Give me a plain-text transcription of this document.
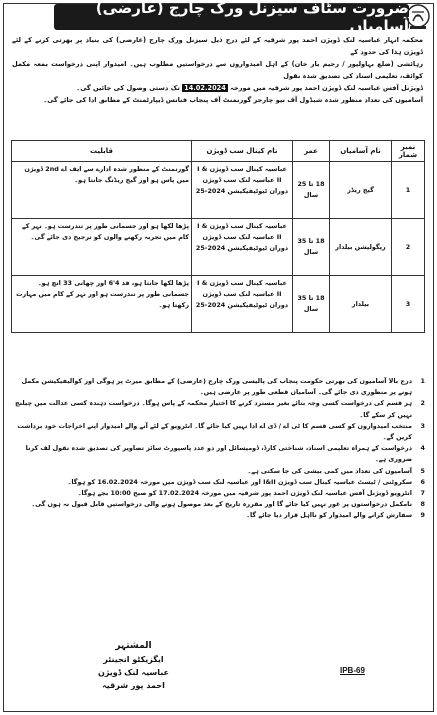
ضرورت سٹاف سیزنل ورک چارج (عارضی) آسامیاں

محکمہ انہار عباسیہ لنک ڈویژن احمد پور شرقیہ کے لئے درج ذیل سیزنل ورک چارج (عارضی) کی بنیاد پر بھرتی کرنے کے لئے ڈویژن ہذا کی حدود کے

رہائشی (ضلع بہاولپور / رحیم یار خان) کے اہل امیدواروں سے درخواستیں مطلوب ہیں۔ امیدوار اپنی درخواست بمعہ مکمل کوائف، تعلیمی اسناد کی تصدیق شدہ نقول

ڈویژنل آفس عباسیہ لنک ڈویژن احمد پور شرقیہ میں مورخہ 14.02.2024 تک دستی وصول کی جائیں گی۔

آسامیوں کی تعداد منظور شدہ شیڈول آف نیو چارجز گورنمنٹ آف پنجاب فنانس ڈیپارٹمنٹ کے مطابق ادا کی جائے گی۔

نمبر شمار	نام آسامیاں	عمر	نام کینال سب ڈویژن	قابلیت
1	گیج ریڈر	18 تا 25 سال	عباسیہ کینال سب ڈویژن I & II عباسیہ لنک سب ڈویژن دوران ٹیوٹیفیکیشن 2024-25	گورنمنٹ کے منظور شدہ ادارے سے ایف اے 2nd ڈویژن میں پاس ہو اور گیج ریڈنگ جانتا ہو۔
2	ریگولیشن بیلدار	18 تا 35 سال	عباسیہ کینال سب ڈویژن I & II عباسیہ لنک سب ڈویژن دوران ٹیوٹیفیکیشن 2024-25	پڑھا لکھا ہو اور جسمانی طور پر تندرست ہو۔ نہر کے کام میں تجربہ رکھنے والوں کو ترجیح دی جائے گی۔
3	بیلدار	18 تا 35 سال	عباسیہ کینال سب ڈویژن I & II عباسیہ لنک سب ڈویژن دوران ٹیوٹیفیکیشن 2024-25	پڑھا لکھا جانتا ہو، قد 4'6 اور چھاتی 33 انچ ہو۔ جسمانی طور پر تندرست ہو اور نہر کے کام میں مہارت رکھتا ہو۔
1
درج بالا آسامیوں کی بھرتی حکومت پنجاب کی پالیسی ورک چارج (عارضی) کے مطابق میرٹ پر ہوگی اور کوالیفیکیشن مکمل ہونے پر منظوری دی جائے گی۔ آسامیاں قطعی طور پر عارضی ہیں۔
2
ہر قسم کی درخواست کسی وجہ بتائے بغیر مسترد کرنے کا اختیار محکمہ کے پاس ہوگا۔ درخواست دہندہ کسی عدالت میں چیلنج نہیں کر سکے گا۔
3
منتخب امیدواروں کو کسی قسم کا ٹی اے / ڈی اے ادا نہیں کیا جائے گا۔ انٹرویو کے لئے آنے والے امیدوار اپنے اخراجات خود برداشت کریں گے۔
4
درخواست کے ہمراہ تعلیمی اسناد، شناختی کارڈ، ڈومیسائل اور دو عدد پاسپورٹ سائز تصاویر کی تصدیق شدہ نقول لف کرنا ضروری ہے۔
5
آسامیوں کی تعداد میں کمی بیشی کی جا سکتی ہے۔
6
سکروٹنی / ٹیسٹ عباسیہ کینال سب ڈویژن I&II اور عباسیہ لنک سب ڈویژن میں مورخہ 16.02.2024 کو ہوگا۔
7
انٹرویو ڈویژنل آفس عباسیہ لنک ڈویژن احمد پور شرقیہ میں مورخہ 17.02.2024 کو صبح 10:00 بجے ہوگا۔
8
نامکمل درخواستوں پر غور نہیں کیا جائے گا اور مقررہ تاریخ کے بعد موصول ہونے والی درخواستیں قابل قبول نہ ہوں گی۔
9
سفارش کرانے والے امیدوار کو نااہل قرار دیا جائے گا۔
المشتہر
ایگزیکٹو انجینئر
عباسیہ لنک ڈویژن
احمد پور شرقیہ
IPB-69
